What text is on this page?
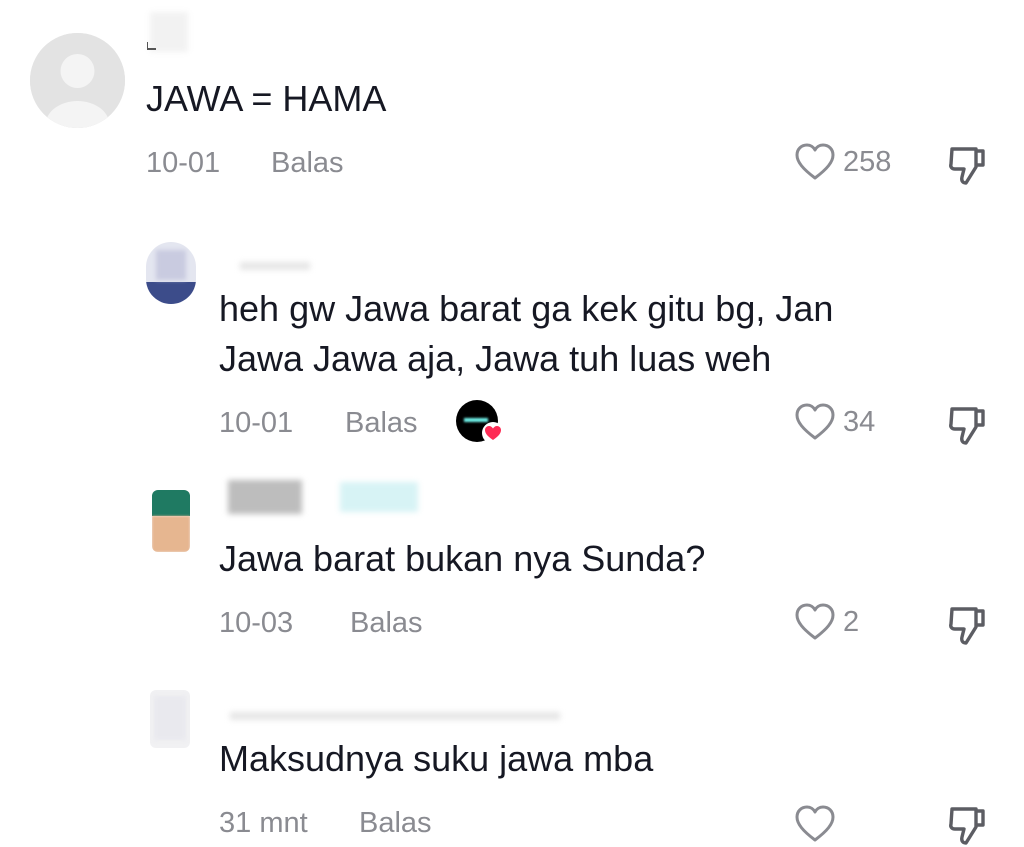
JAWA = HAMA
10-01 Balas	258
heh gw Jawa barat ga kek gitu bg, Jan
Jawa Jawa aja, Jawa tuh luas weh
10-01 Balas	34
Jawa barat bukan nya Sunda?
10-03 Balas	2
Maksudnya suku jawa mba
31 mnt Balas
